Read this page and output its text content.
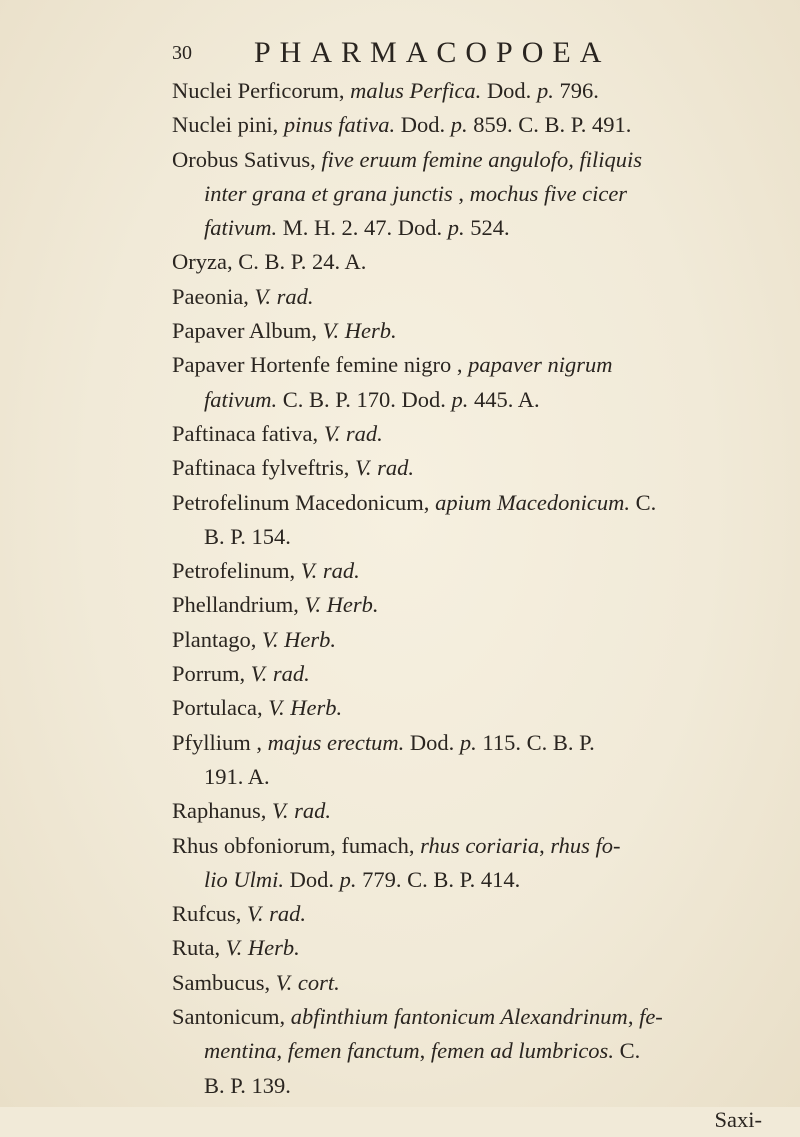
30 PHARMACOPOEA
Nuclei Perficorum, malus Perfica. Dod. p. 796.
Nuclei pini, pinus fativa. Dod. p. 859. C. B. P. 491.
Orobus Sativus, five eruum femine angulofo, filiquis
inter grana et grana junctis , mochus five cicer
fativum. M. H. 2. 47. Dod. p. 524.
Oryza, C. B. P. 24. A.
Paeonia, V. rad.
Papaver Album, V. Herb.
Papaver Hortenfe femine nigro , papaver nigrum
fativum. C. B. P. 170. Dod. p. 445. A.
Paftinaca fativa, V. rad.
Paftinaca fylveftris, V. rad.
Petrofelinum Macedonicum, apium Macedonicum. C.
B. P. 154.
Petrofelinum, V. rad.
Phellandrium, V. Herb.
Plantago, V. Herb.
Porrum, V. rad.
Portulaca, V. Herb.
Pfyllium , majus erectum. Dod. p. 115. C. B. P.
191. A.
Raphanus, V. rad.
Rhus obfoniorum, fumach, rhus coriaria, rhus fo-
lio Ulmi. Dod. p. 779. C. B. P. 414.
Rufcus, V. rad.
Ruta, V. Herb.
Sambucus, V. cort.
Santonicum, abfinthium fantonicum Alexandrinum, fe-
mentina, femen fanctum, femen ad lumbricos. C.
B. P. 139.
Saxi-
